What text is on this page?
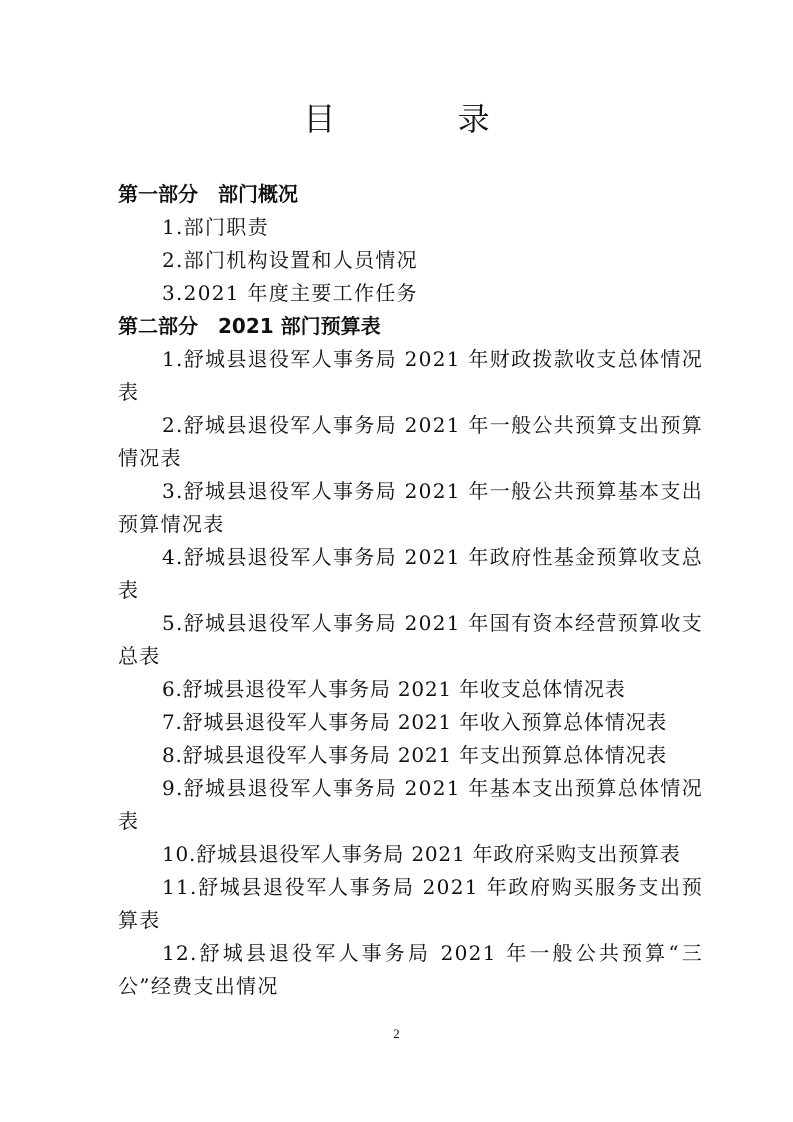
目 录
第一部分　部门概况

1.部门职责

2.部门机构设置和人员情况

3.2021 年度主要工作任务

第二部分　2021 部门预算表

1.舒城县退役军人事务局 2021 年财政拨款收支总体情况表

2.舒城县退役军人事务局 2021 年一般公共预算支出预算情况表

3.舒城县退役军人事务局 2021 年一般公共预算基本支出预算情况表

4.舒城县退役军人事务局 2021 年政府性基金预算收支总表

5.舒城县退役军人事务局 2021 年国有资本经营预算收支总表

6.舒城县退役军人事务局 2021 年收支总体情况表

7.舒城县退役军人事务局 2021 年收入预算总体情况表

8.舒城县退役军人事务局 2021 年支出预算总体情况表

9.舒城县退役军人事务局 2021 年基本支出预算总体情况表

10.舒城县退役军人事务局 2021 年政府采购支出预算表

11.舒城县退役军人事务局 2021 年政府购买服务支出预算表

12.舒城县退役军人事务局 2021 年一般公共预算“三公”经费支出情况

2
